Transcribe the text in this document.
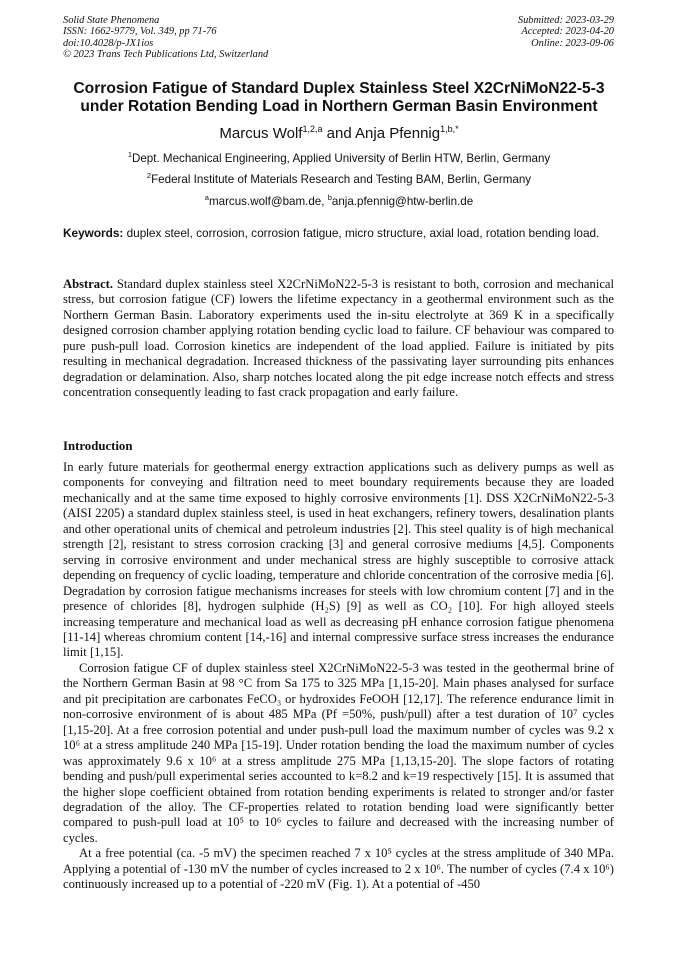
Solid State Phenomena
ISSN: 1662-9779, Vol. 349, pp 71-76
doi:10.4028/p-JX1ios
© 2023 Trans Tech Publications Ltd, Switzerland
Submitted: 2023-03-29
Accepted: 2023-04-20
Online: 2023-09-06
Corrosion Fatigue of Standard Duplex Stainless Steel X2CrNiMoN22-5-3
under Rotation Bending Load in Northern German Basin Environment
Marcus Wolf$^{1,2,a}$ and Anja Pfennig$^{1,b,*}$
$^1$Dept. Mechanical Engineering, Applied University of Berlin HTW, Berlin, Germany
$^2$Federal Institute of Materials Research and Testing BAM, Berlin, Germany
$^a$marcus.wolf@bam.de, $^b$anja.pfennig@htw-berlin.de
Keywords: duplex steel, corrosion, corrosion fatigue, micro structure, axial load, rotation bending load.

Abstract. Standard duplex stainless steel X2CrNiMoN22-5-3 is resistant to both, corrosion and mechanical stress, but corrosion fatigue (CF) lowers the lifetime expectancy in a geothermal environment such as the Northern German Basin. Laboratory experiments used the in-situ electrolyte at 369 K in a specifically designed corrosion chamber applying rotation bending cyclic load to failure. CF behaviour was compared to pure push-pull load. Corrosion kinetics are independent of the load applied. Failure is initiated by pits resulting in mechanical degradation. Increased thickness of the passivating layer surrounding pits enhances degradation or delamination. Also, sharp notches located along the pit edge increase notch effects and stress concentration consequently leading to fast crack propagation and early failure.

Introduction

In early future materials for geothermal energy extraction applications such as delivery pumps as well as components for conveying and filtration need to meet boundary requirements because they are loaded mechanically and at the same time exposed to highly corrosive environments [1]. DSS X2CrNiMoN22-5-3 (AISI 2205) a standard duplex stainless steel, is used in heat exchangers, refinery towers, desalination plants and other operational units of chemical and petroleum industries [2]. This steel quality is of high mechanical strength [2], resistant to stress corrosion cracking [3] and general corrosive mediums [4,5]. Components serving in corrosive environment and under mechanical stress are highly susceptible to corrosive attack depending on frequency of cyclic loading, temperature and chloride concentration of the corrosive media [6]. Degradation by corrosion fatigue mechanisms increases for steels with low chromium content [7] and in the presence of chlorides [8], hydrogen sulphide (H₂S) [9] as well as CO₂ [10]. For high alloyed steels increasing temperature and mechanical load as well as decreasing pH enhance corrosion fatigue phenomena [11-14] whereas chromium content [14,-16] and internal compressive surface stress increases the endurance limit [1,15].

Corrosion fatigue CF of duplex stainless steel X2CrNiMoN22-5-3 was tested in the geothermal brine of the Northern German Basin at 98 °C from Sa 175 to 325 MPa [1,15-20]. Main phases analysed for surface and pit precipitation are carbonates FeCO₃ or hydroxides FeOOH [12,17]. The reference endurance limit in non-corrosive environment of is about 485 MPa (Pf =50%, push/pull) after a test duration of 10⁷ cycles [1,15-20]. At a free corrosion potential and under push-pull load the maximum number of cycles was 9.2 x 10⁶ at a stress amplitude 240 MPa [15-19]. Under rotation bending the load the maximum number of cycles was approximately 9.6 x 10⁶ at a stress amplitude 275 MPa [1,13,15-20]. The slope factors of rotating bending and push/pull experimental series accounted to k=8.2 and k=19 respectively [15]. It is assumed that the higher slope coefficient obtained from rotation bending experiments is related to stronger and/or faster degradation of the alloy. The CF-properties related to rotation bending load were significantly better compared to push-pull load at 10⁵ to 10⁶ cycles to failure and decreased with the increasing number of cycles.

At a free potential (ca. -5 mV) the specimen reached 7 x 10⁵ cycles at the stress amplitude of 340 MPa. Applying a potential of -130 mV the number of cycles increased to 2 x 10⁶. The number of cycles (7.4 x 10⁶) continuously increased up to a potential of -220 mV (Fig. 1). At a potential of -450
